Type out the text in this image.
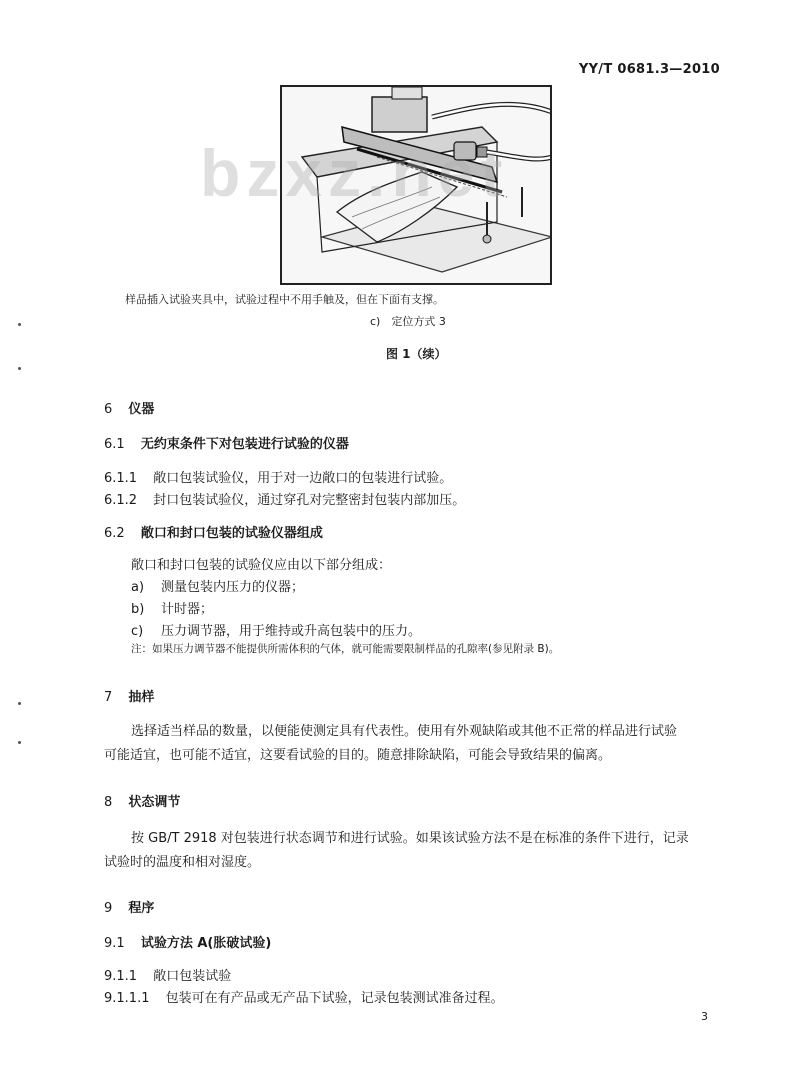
YY/T 0681.3—2010
bzxz.net
样品插入试验夹具中，试验过程中不用手触及，但在下面有支撑。
c)　定位方式 3
图 1（续）
6 仪器
6.1 无约束条件下对包装进行试验的仪器
6.1.1 敞口包装试验仪，用于对一边敞口的包装进行试验。
6.1.2 封口包装试验仪，通过穿孔对完整密封包装内部加压。
6.2 敞口和封口包装的试验仪器组成
敞口和封口包装的试验仪应由以下部分组成：
a) 测量包装内压力的仪器；
b) 计时器；
c) 压力调节器，用于维持或升高包装中的压力。
注：如果压力调节器不能提供所需体积的气体，就可能需要限制样品的孔隙率(参见附录 B)。
7 抽样
选择适当样品的数量，以便能使测定具有代表性。使用有外观缺陷或其他不正常的样品进行试验
可能适宜，也可能不适宜，这要看试验的目的。随意排除缺陷，可能会导致结果的偏离。
8 状态调节
按 GB/T 2918 对包装进行状态调节和进行试验。如果该试验方法不是在标准的条件下进行，记录
试验时的温度和相对湿度。
9 程序
9.1 试验方法 A(胀破试验)
9.1.1 敞口包装试验
9.1.1.1 包装可在有产品或无产品下试验，记录包装测试准备过程。
3
